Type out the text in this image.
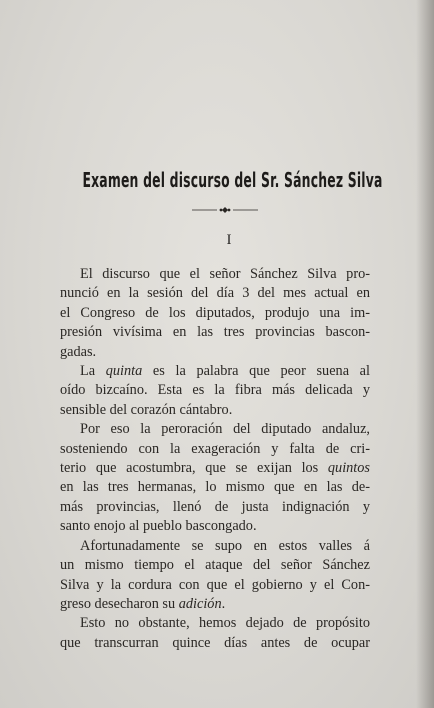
Examen del discurso del Sr. Sánchez Silva
I
El discurso que el señor Sánchez Silva pro-
nunció en la sesión del día 3 del mes actual en
el Congreso de los diputados, produjo una im-
presión vivísima en las tres provincias bascon-
gadas.
La quinta es la palabra que peor suena al
oído bizcaíno. Esta es la fibra más delicada y
sensible del corazón cántabro.
Por eso la peroración del diputado andaluz,
sosteniendo con la exageración y falta de cri-
terio que acostumbra, que se exijan los quintos
en las tres hermanas, lo mismo que en las de-
más provincias, llenó de justa indignación y
santo enojo al pueblo bascongado.
Afortunadamente se supo en estos valles á
un mismo tiempo el ataque del señor Sánchez
Silva y la cordura con que el gobierno y el Con-
greso desecharon su adición.
Esto no obstante, hemos dejado de propósito
que transcurran quince días antes de ocupar
